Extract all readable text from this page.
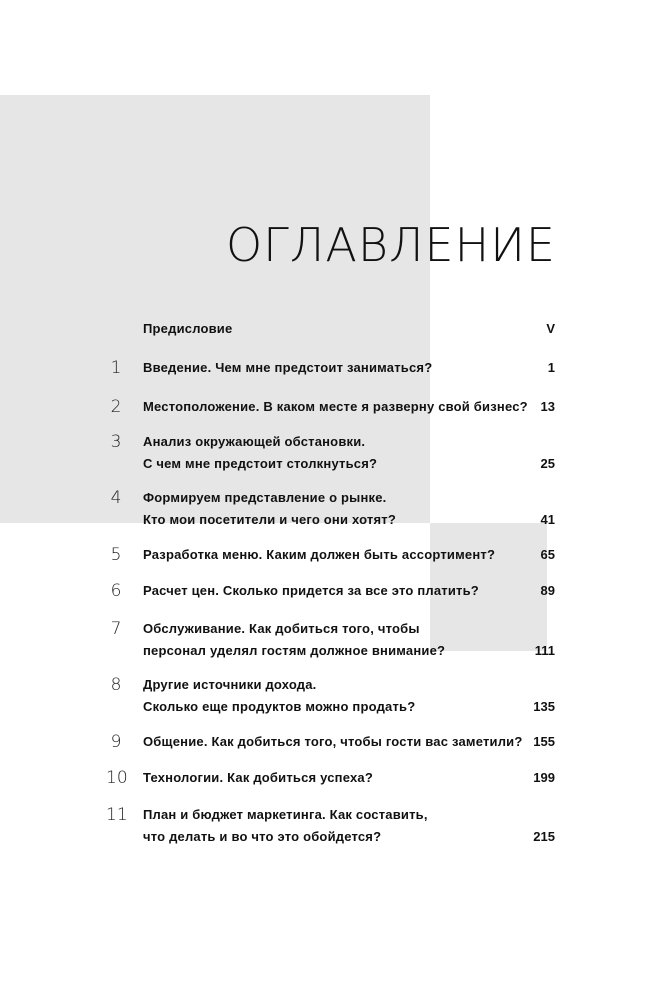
ОГЛАВЛЕНИЕ
Предисловие	V
1	Введение. Чем мне предстоит заниматься?	1
2	Местоположение. В каком месте я разверну свой бизнес? 13
3	Анализ окружающей обстановки.
С чем мне предстоит столкнуться?	25
4	Формируем представление о рынке.
Кто мои посетители и чего они хотят?	41
5	Разработка меню. Каким должен быть ассортимент?	65
6	Расчет цен. Сколько придется за все это платить?	89
7	Обслуживание. Как добиться того, чтобы
персонал уделял гостям должное внимание?	111
8	Другие источники дохода.
Сколько еще продуктов можно продать?	135
9	Общение. Как добиться того, чтобы гости вас заметили? 155
10 Технологии. Как добиться успеха?	199
11 План и бюджет маркетинга. Как составить,
что делать и во что это обойдется?	215
